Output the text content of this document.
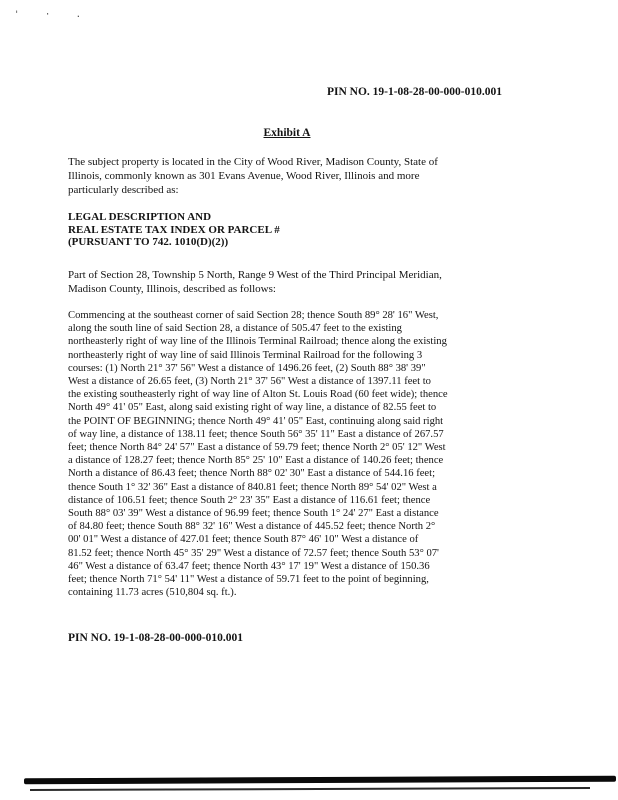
' · .
PIN NO. 19-1-08-28-00-000-010.001
Exhibit A
The subject property is located in the City of Wood River, Madison County, State of
Illinois, commonly known as 301 Evans Avenue, Wood River, Illinois and more
particularly described as:
LEGAL DESCRIPTION AND
REAL ESTATE TAX INDEX OR PARCEL #
(PURSUANT TO 742. 1010(D)(2))
Part of Section 28, Township 5 North, Range 9 West of the Third Principal Meridian,
Madison County, Illinois, described as follows:
Commencing at the southeast corner of said Section 28; thence South 89° 28' 16" West,
along the south line of said Section 28, a distance of 505.47 feet to the existing
northeasterly right of way line of the Illinois Terminal Railroad; thence along the existing
northeasterly right of way line of said Illinois Terminal Railroad for the following 3
courses: (1) North 21° 37' 56" West a distance of 1496.26 feet, (2) South 88° 38' 39"
West a distance of 26.65 feet, (3) North 21° 37' 56" West a distance of 1397.11 feet to
the existing southeasterly right of way line of Alton St. Louis Road (60 feet wide); thence
North 49° 41' 05" East, along said existing right of way line, a distance of 82.55 feet to
the POINT OF BEGINNING; thence North 49° 41' 05" East, continuing along said right
of way line, a distance of 138.11 feet; thence South 56° 35' 11" East a distance of 267.57
feet; thence North 84° 24' 57" East a distance of 59.79 feet; thence North 2° 05' 12" West
a distance of 128.27 feet; thence North 85° 25' 10" East a distance of 140.26 feet; thence
North a distance of 86.43 feet; thence North 88° 02' 30" East a distance of 544.16 feet;
thence South 1° 32' 36" East a distance of 840.81 feet; thence North 89° 54' 02" West a
distance of 106.51 feet; thence South 2° 23' 35" East a distance of 116.61 feet; thence
South 88° 03' 39" West a distance of 96.99 feet; thence South 1° 24' 27" East a distance
of 84.80 feet; thence South 88° 32' 16" West a distance of 445.52 feet; thence North 2°
00' 01" West a distance of 427.01 feet; thence South 87° 46' 10" West a distance of
81.52 feet; thence North 45° 35' 29" West a distance of 72.57 feet; thence South 53° 07'
46" West a distance of 63.47 feet; thence North 43° 17' 19" West a distance of 150.36
feet; thence North 71° 54' 11" West a distance of 59.71 feet to the point of beginning,
containing 11.73 acres (510,804 sq. ft.).
PIN NO. 19-1-08-28-00-000-010.001
